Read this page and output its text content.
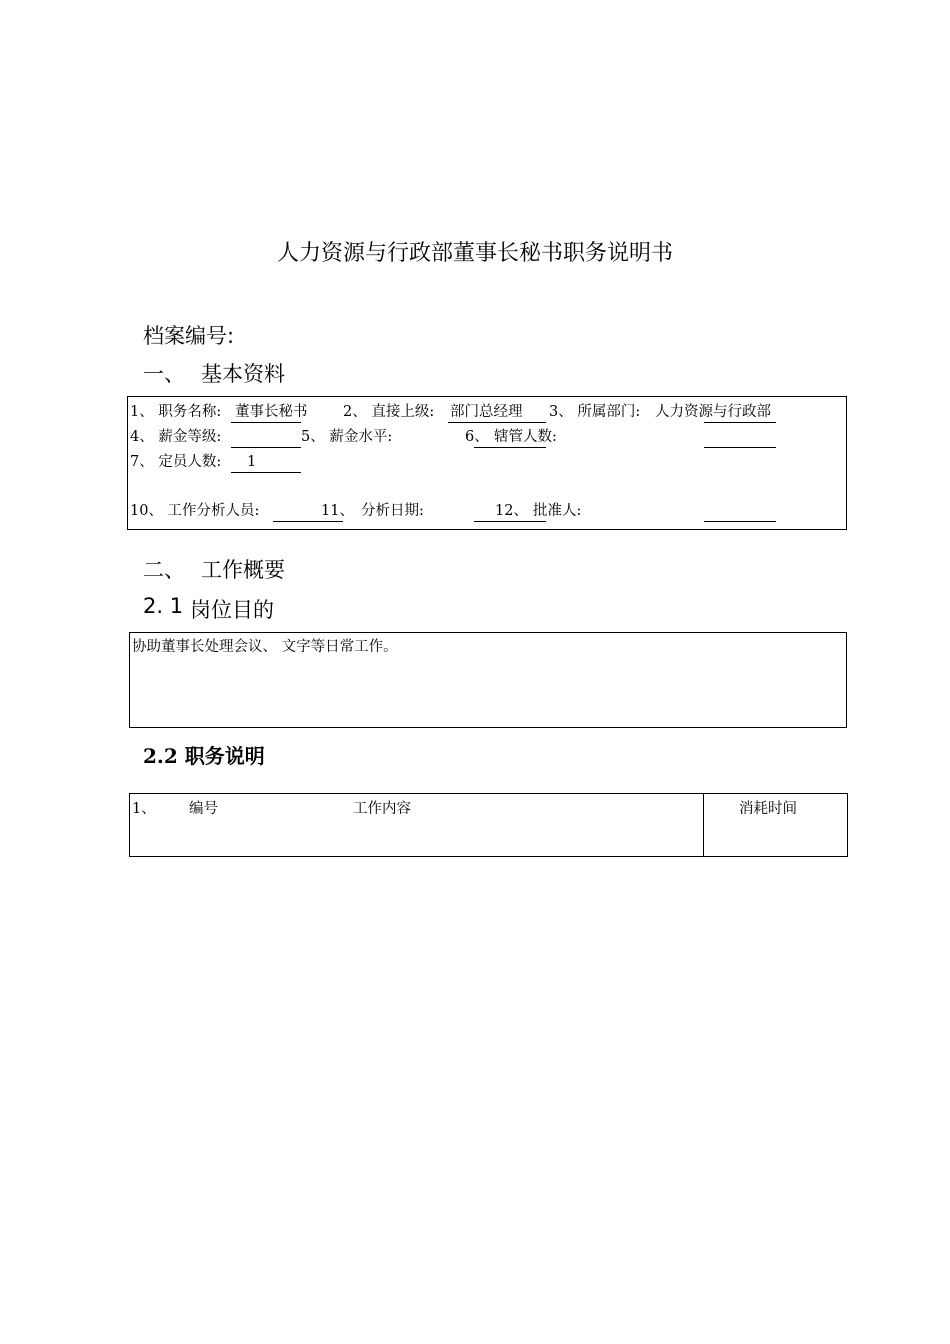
人力资源与行政部董事长秘书职务说明书
档案编号:
一、 基本资料
1、 职务名称: 董事长秘书 2、 直接上级: 部门总经理 3、 所属部门: 人力资源与行政部
4、 薪金等级:	5、 薪金水平:	6、 辖管人数:
7、 定员人数: 1
10、 工作分析人员:	11、 分析日期:	12、 批准人:
二、 工作概要
2. 1 岗位目的
协助董事长处理会议、 文字等日常工作。
2.2 职务说明
1、 编号	工作内容	消耗时间
